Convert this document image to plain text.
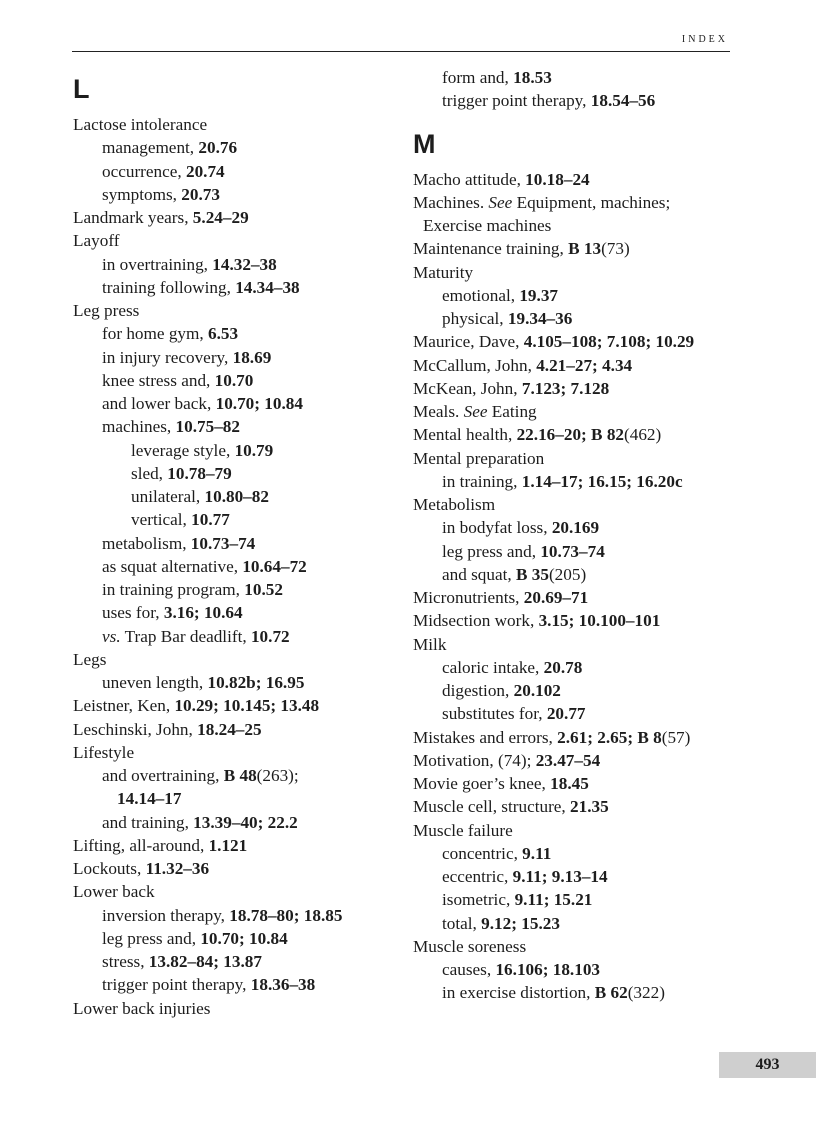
INDEX
L
Lactose intolerance
management, 20.76
occurrence, 20.74
symptoms, 20.73
Landmark years, 5.24–29
Layoff
in overtraining, 14.32–38
training following, 14.34–38
Leg press
for home gym, 6.53
in injury recovery, 18.69
knee stress and, 10.70
and lower back, 10.70; 10.84
machines, 10.75–82
leverage style, 10.79
sled, 10.78–79
unilateral, 10.80–82
vertical, 10.77
metabolism, 10.73–74
as squat alternative, 10.64–72
in training program, 10.52
uses for, 3.16; 10.64
vs. Trap Bar deadlift, 10.72
Legs
uneven length, 10.82b; 16.95
Leistner, Ken, 10.29; 10.145; 13.48
Leschinski, John, 18.24–25
Lifestyle
and overtraining, B 48(263);
14.14–17
and training, 13.39–40; 22.2
Lifting, all-around, 1.121
Lockouts, 11.32–36
Lower back
inversion therapy, 18.78–80; 18.85
leg press and, 10.70; 10.84
stress, 13.82–84; 13.87
trigger point therapy, 18.36–38
Lower back injuries
form and, 18.53
trigger point therapy, 18.54–56
M
Macho attitude, 10.18–24
Machines. See Equipment, machines;
Exercise machines
Maintenance training, B 13(73)
Maturity
emotional, 19.37
physical, 19.34–36
Maurice, Dave, 4.105–108; 7.108; 10.29
McCallum, John, 4.21–27; 4.34
McKean, John, 7.123; 7.128
Meals. See Eating
Mental health, 22.16–20; B 82(462)
Mental preparation
in training, 1.14–17; 16.15; 16.20c
Metabolism
in bodyfat loss, 20.169
leg press and, 10.73–74
and squat, B 35(205)
Micronutrients, 20.69–71
Midsection work, 3.15; 10.100–101
Milk
caloric intake, 20.78
digestion, 20.102
substitutes for, 20.77
Mistakes and errors, 2.61; 2.65; B 8(57)
Motivation, (74); 23.47–54
Movie goer’s knee, 18.45
Muscle cell, structure, 21.35
Muscle failure
concentric, 9.11
eccentric, 9.11; 9.13–14
isometric, 9.11; 15.21
total, 9.12; 15.23
Muscle soreness
causes, 16.106; 18.103
in exercise distortion, B 62(322)
493
